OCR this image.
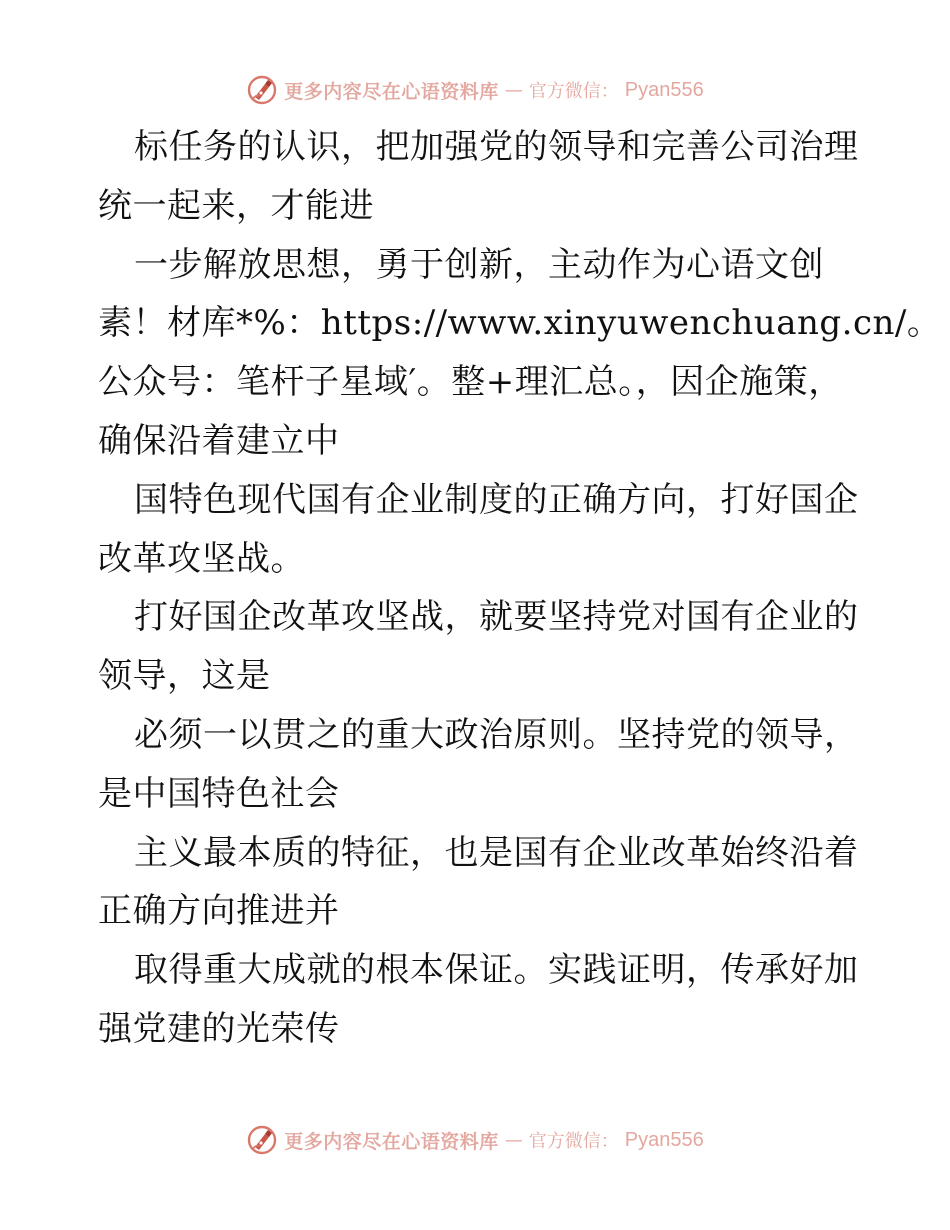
更多内容尽在心语资料库 — 官方微信： Pyan556
标任务的认识，把加强党的领导和完善公司治理
统一起来，才能进
一步解放思想，勇于创新，主动作为心语文创
素！材库*%：https://www.xinyuwenchuang.cn/。
公众号：笔杆子星域′。整+理汇总。，因企施策，
确保沿着建立中
国特色现代国有企业制度的正确方向，打好国企
改革攻坚战。
打好国企改革攻坚战，就要坚持党对国有企业的
领导，这是
必须一以贯之的重大政治原则。坚持党的领导，
是中国特色社会
主义最本质的特征，也是国有企业改革始终沿着
正确方向推进并
取得重大成就的根本保证。实践证明，传承好加
强党建的光荣传
更多内容尽在心语资料库 — 官方微信： Pyan556
